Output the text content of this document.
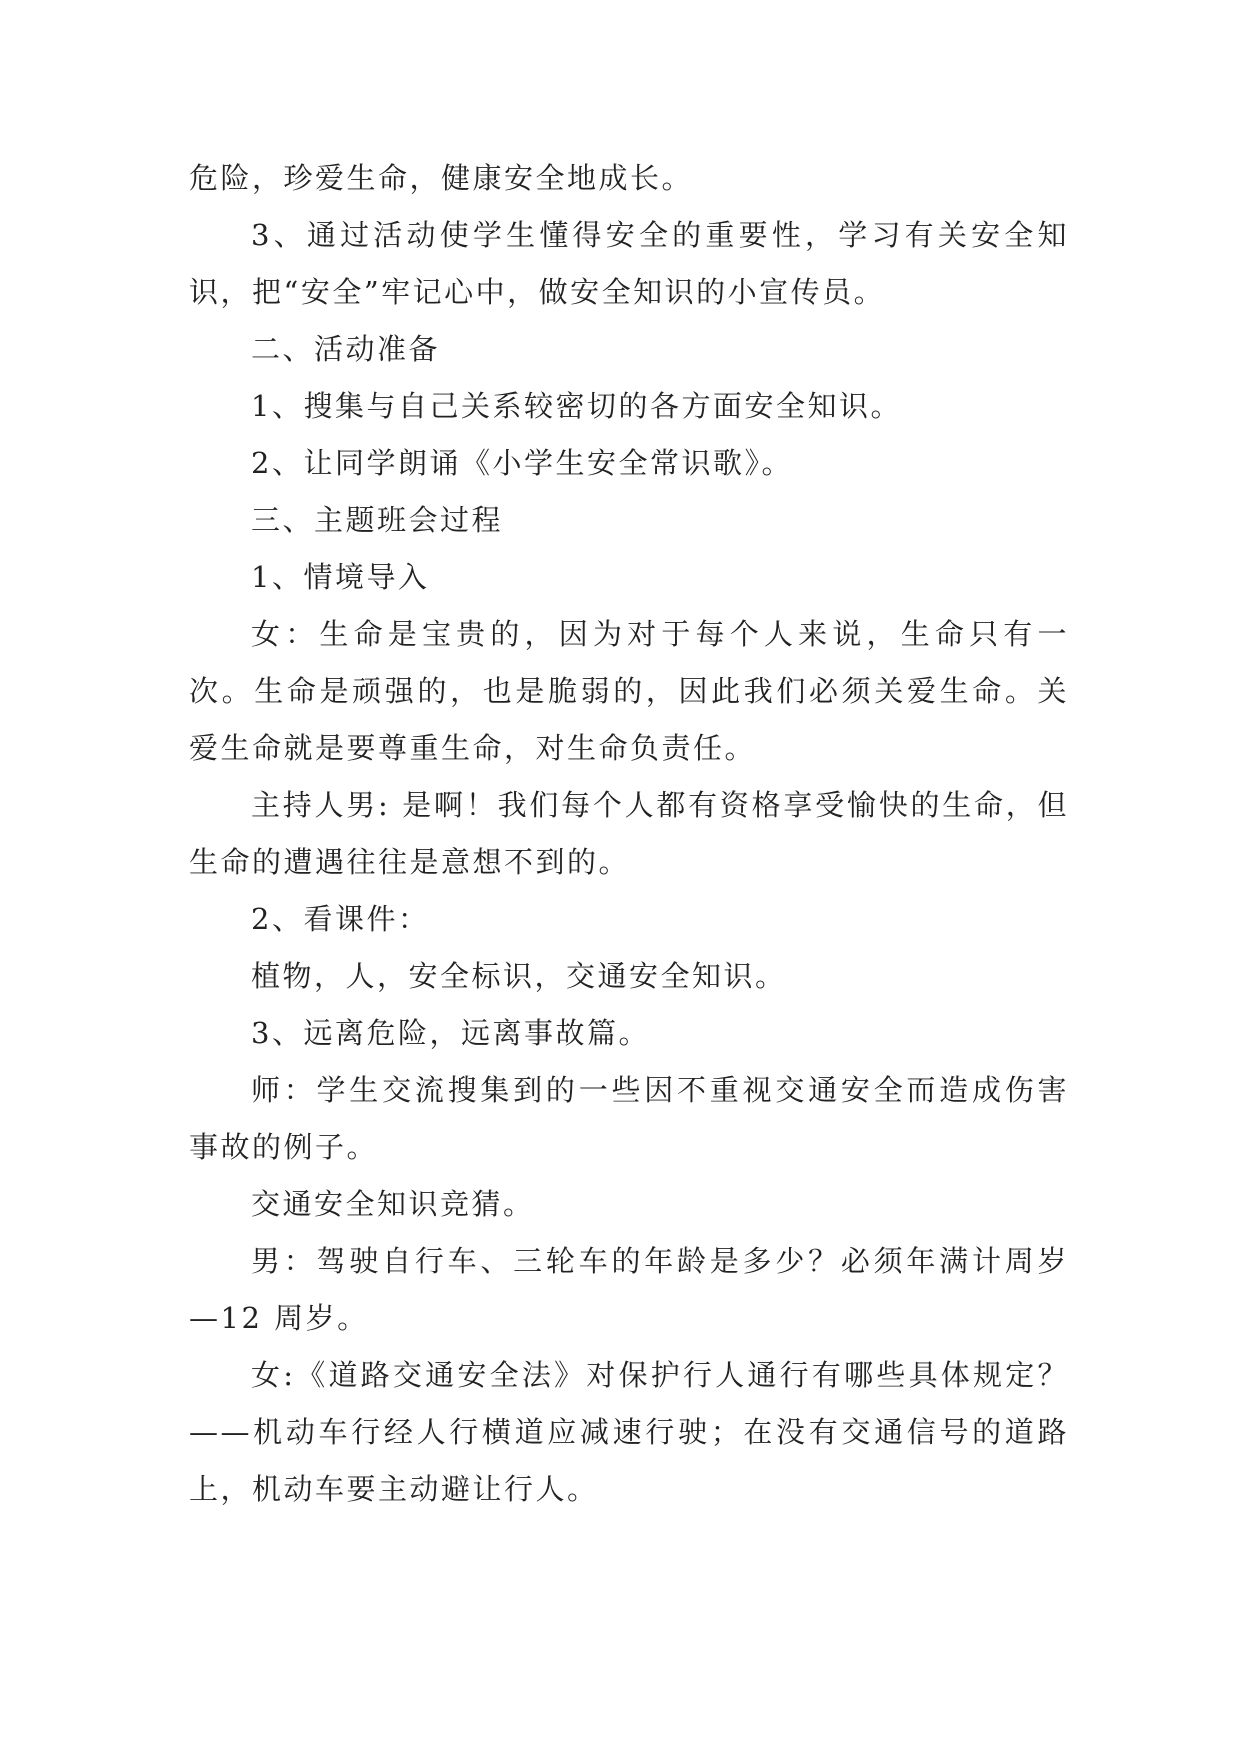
危险，珍爱生命，健康安全地成长。

3、通过活动使学生懂得安全的重要性，学习有关安全知识，把“安全”牢记心中，做安全知识的小宣传员。

二、活动准备

1、搜集与自己关系较密切的各方面安全知识。

2、让同学朗诵《小学生安全常识歌》。

三、主题班会过程

1、情境导入

女：生命是宝贵的，因为对于每个人来说，生命只有一次。生命是顽强的，也是脆弱的，因此我们必须关爱生命。关爱生命就是要尊重生命，对生命负责任。

主持人男: 是啊！我们每个人都有资格享受愉快的生命，但生命的遭遇往往是意想不到的。

2、看课件：

植物，人，安全标识，交通安全知识。

3、远离危险，远离事故篇。

师：学生交流搜集到的一些因不重视交通安全而造成伤害事故的例子。

交通安全知识竞猜。

男：驾驶自行车、三轮车的年龄是多少？必须年满计周岁—12 周岁。

女:《道路交通安全法》对保护行人通行有哪些具体规定？——机动车行经人行横道应减速行驶；在没有交通信号的道路上，机动车要主动避让行人。
